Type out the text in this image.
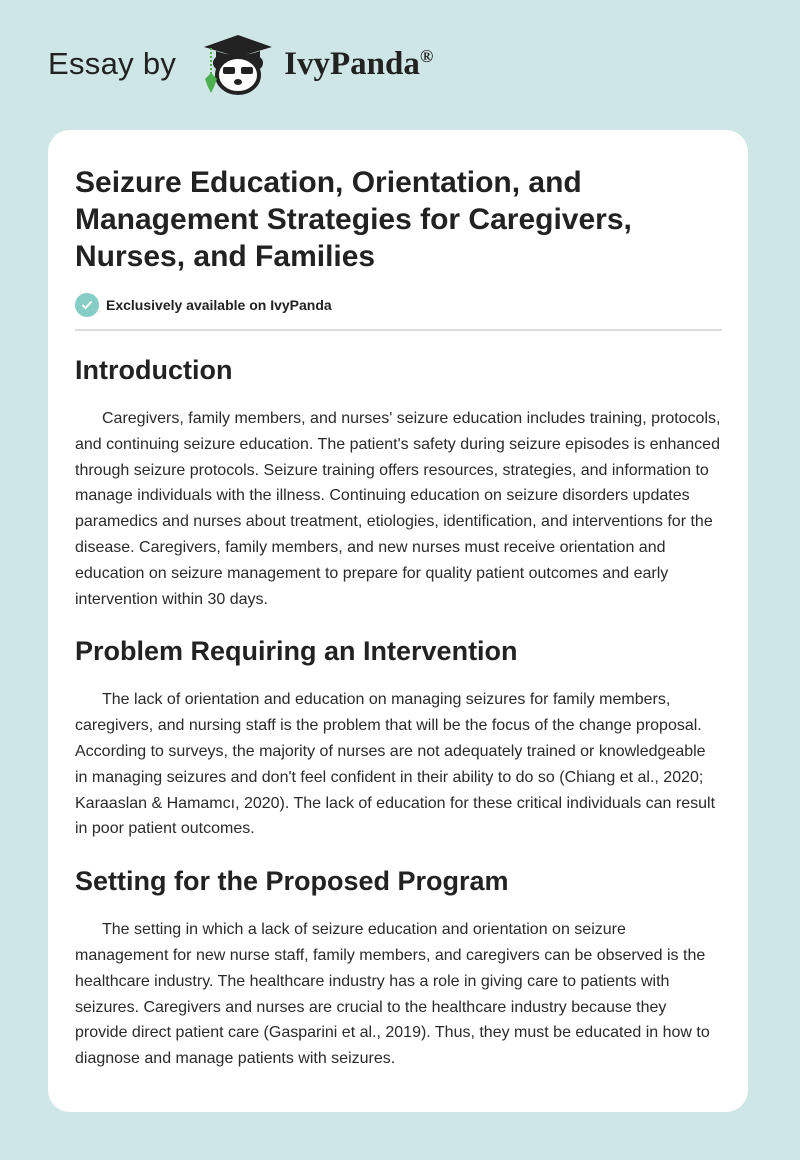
Essay by	IvyPanda®
Seizure Education, Orientation, and Management Strategies for Caregivers, Nurses, and Families
Exclusively available on IvyPanda
Introduction

Caregivers, family members, and nurses' seizure education includes training, protocols, and continuing seizure education. The patient's safety during seizure episodes is enhanced through seizure protocols. Seizure training offers resources, strategies, and information to manage individuals with the illness. Continuing education on seizure disorders updates paramedics and nurses about treatment, etiologies, identification, and interventions for the disease. Caregivers, family members, and new nurses must receive orientation and education on seizure management to prepare for quality patient outcomes and early intervention within 30 days.

Problem Requiring an Intervention

The lack of orientation and education on managing seizures for family members, caregivers, and nursing staff is the problem that will be the focus of the change proposal. According to surveys, the majority of nurses are not adequately trained or knowledgeable in managing seizures and don't feel confident in their ability to do so (Chiang et al., 2020; Karaaslan & Hamamcı, 2020). The lack of education for these critical individuals can result in poor patient outcomes.

Setting for the Proposed Program

The setting in which a lack of seizure education and orientation on seizure management for new nurse staff, family members, and caregivers can be observed is the healthcare industry. The healthcare industry has a role in giving care to patients with seizures. Caregivers and nurses are crucial to the healthcare industry because they provide direct patient care (Gasparini et al., 2019). Thus, they must be educated in how to diagnose and manage patients with seizures.
